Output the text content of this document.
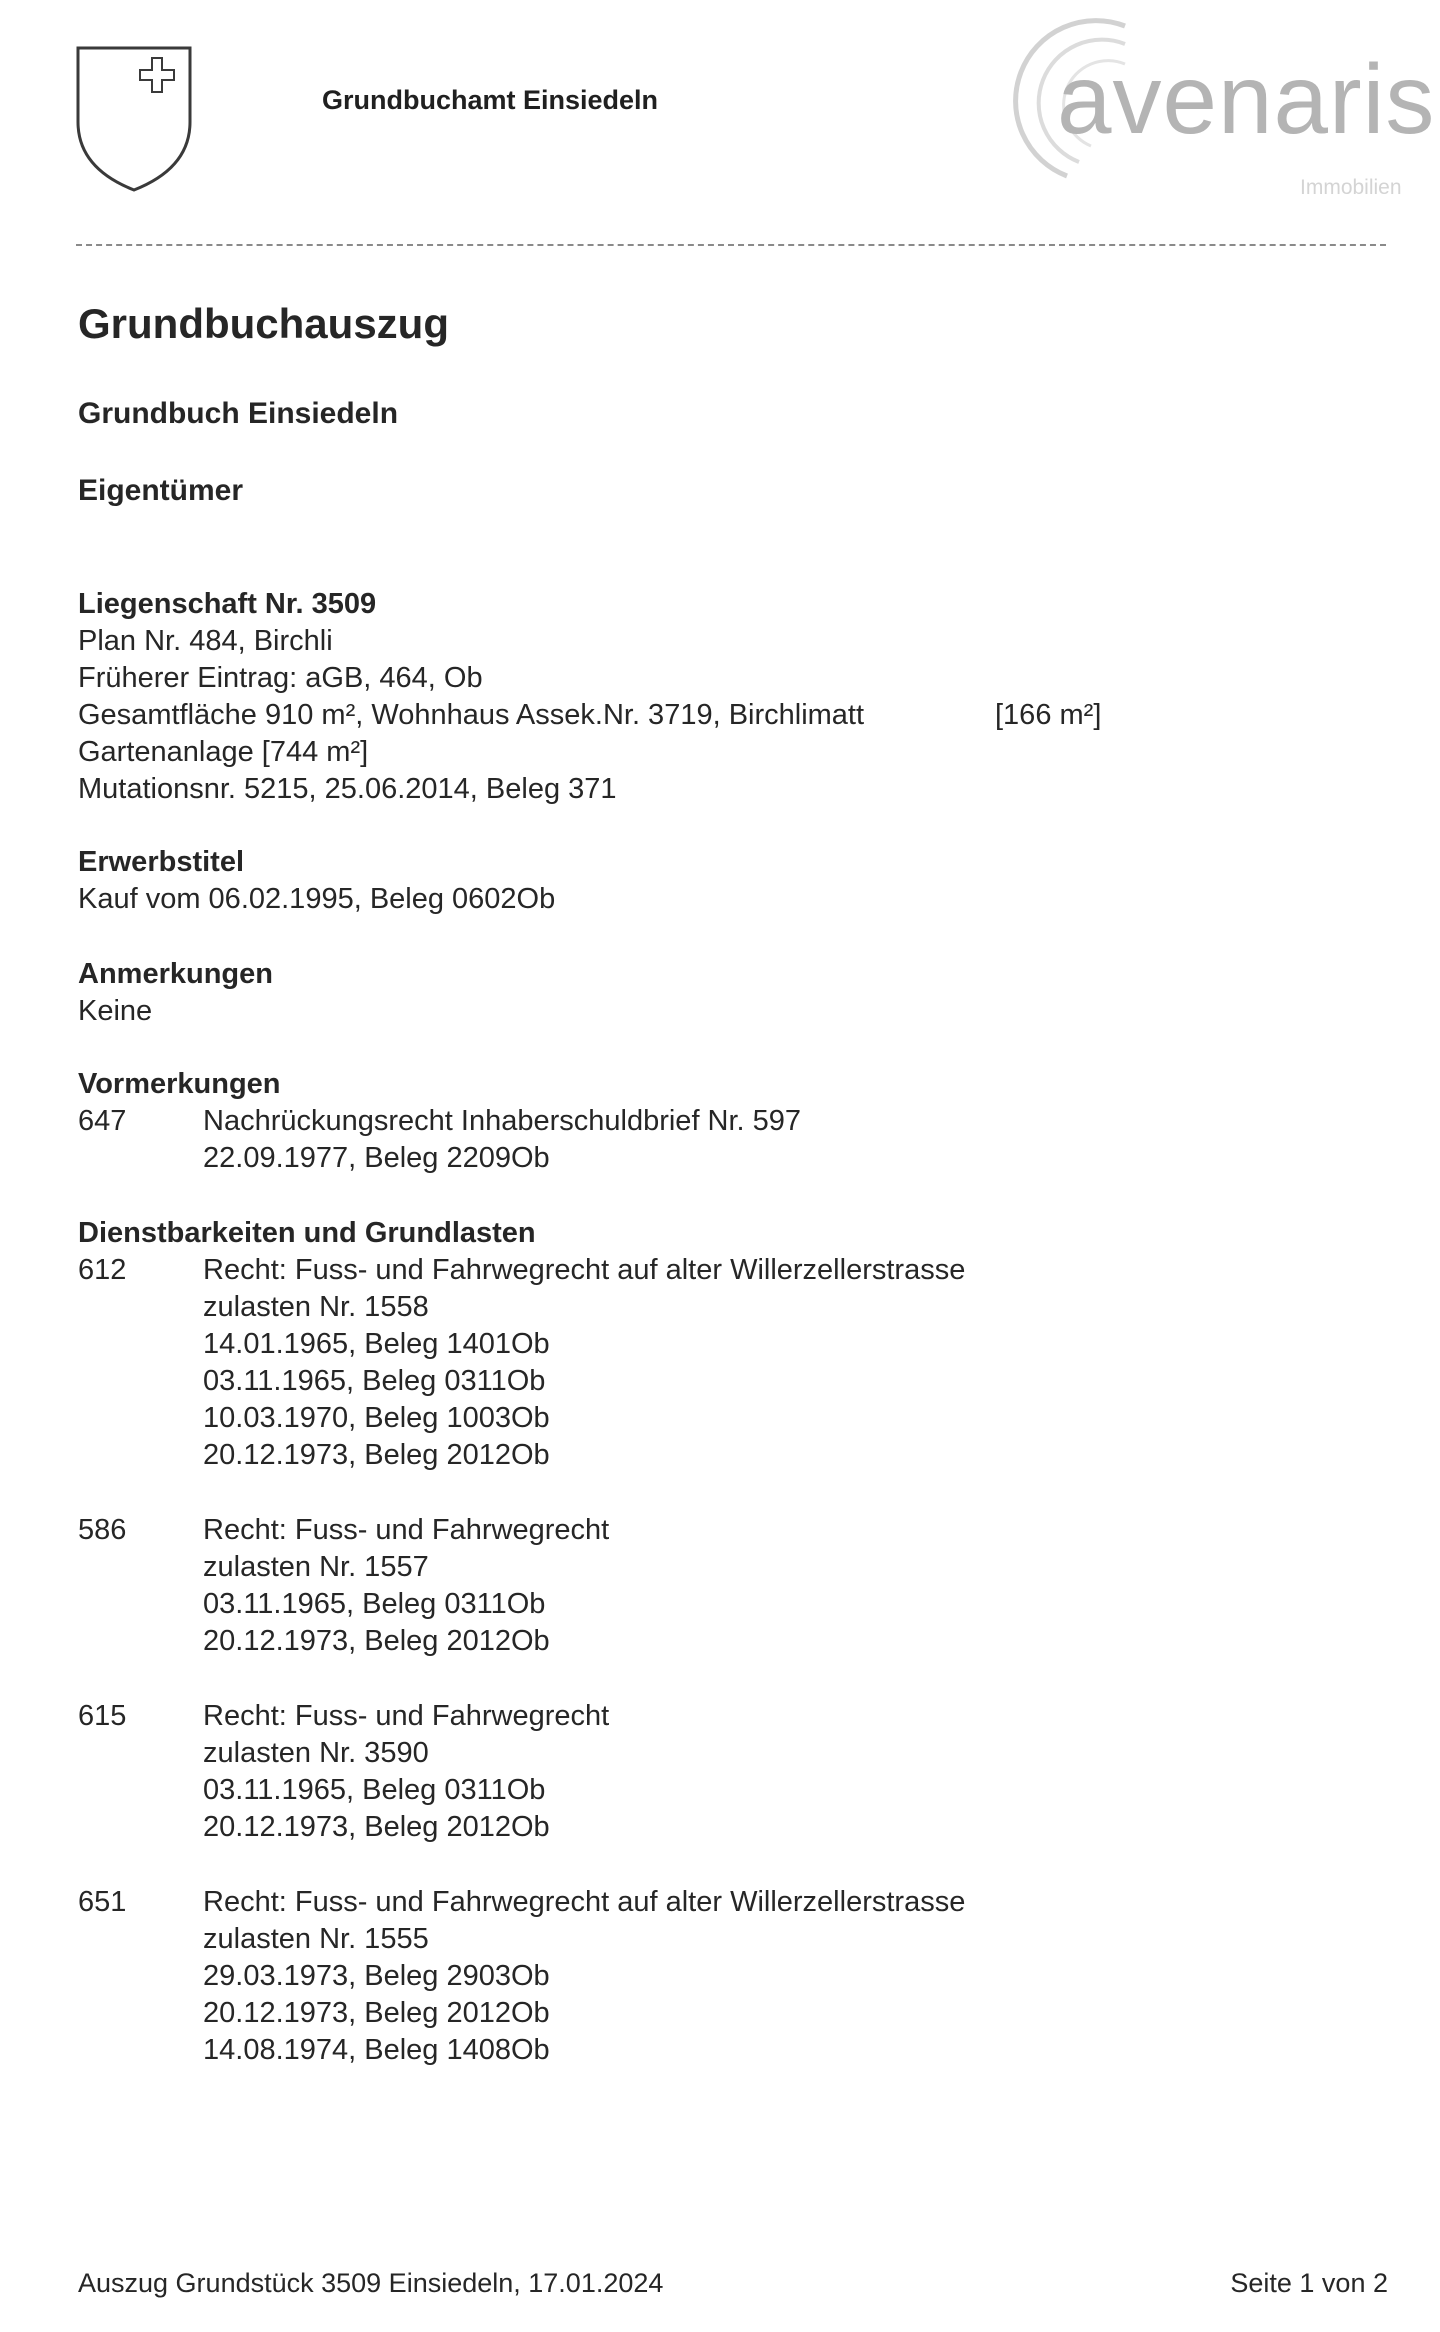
Grundbuchamt Einsiedeln	avenaris
Immobilien
Grundbuchauszug
Grundbuch Einsiedeln
Eigentümer
Liegenschaft Nr. 3509
Plan Nr. 484, Birchli
Früherer Eintrag: aGB, 464, Ob
Gesamtfläche 910 m², Wohnhaus Assek.Nr. 3719, Birchlimatt
Gartenanlage [744 m²]
Mutationsnr. 5215, 25.06.2014, Beleg 371
[166 m²]
Erwerbstitel
Kauf vom 06.02.1995, Beleg 0602Ob
Anmerkungen
Keine
Vormerkungen
647	Nachrückungsrecht Inhaberschuldbrief Nr. 597
22.09.1977, Beleg 2209Ob
Dienstbarkeiten und Grundlasten
612	Recht: Fuss- und Fahrwegrecht auf alter Willerzellerstrasse
zulasten Nr. 1558
14.01.1965, Beleg 1401Ob
03.11.1965, Beleg 0311Ob
10.03.1970, Beleg 1003Ob
20.12.1973, Beleg 2012Ob
586	Recht: Fuss- und Fahrwegrecht
zulasten Nr. 1557
03.11.1965, Beleg 0311Ob
20.12.1973, Beleg 2012Ob
615	Recht: Fuss- und Fahrwegrecht
zulasten Nr. 3590
03.11.1965, Beleg 0311Ob
20.12.1973, Beleg 2012Ob
651	Recht: Fuss- und Fahrwegrecht auf alter Willerzellerstrasse
zulasten Nr. 1555
29.03.1973, Beleg 2903Ob
20.12.1973, Beleg 2012Ob
14.08.1974, Beleg 1408Ob
Auszug Grundstück 3509 Einsiedeln, 17.01.2024	Seite 1 von 2
